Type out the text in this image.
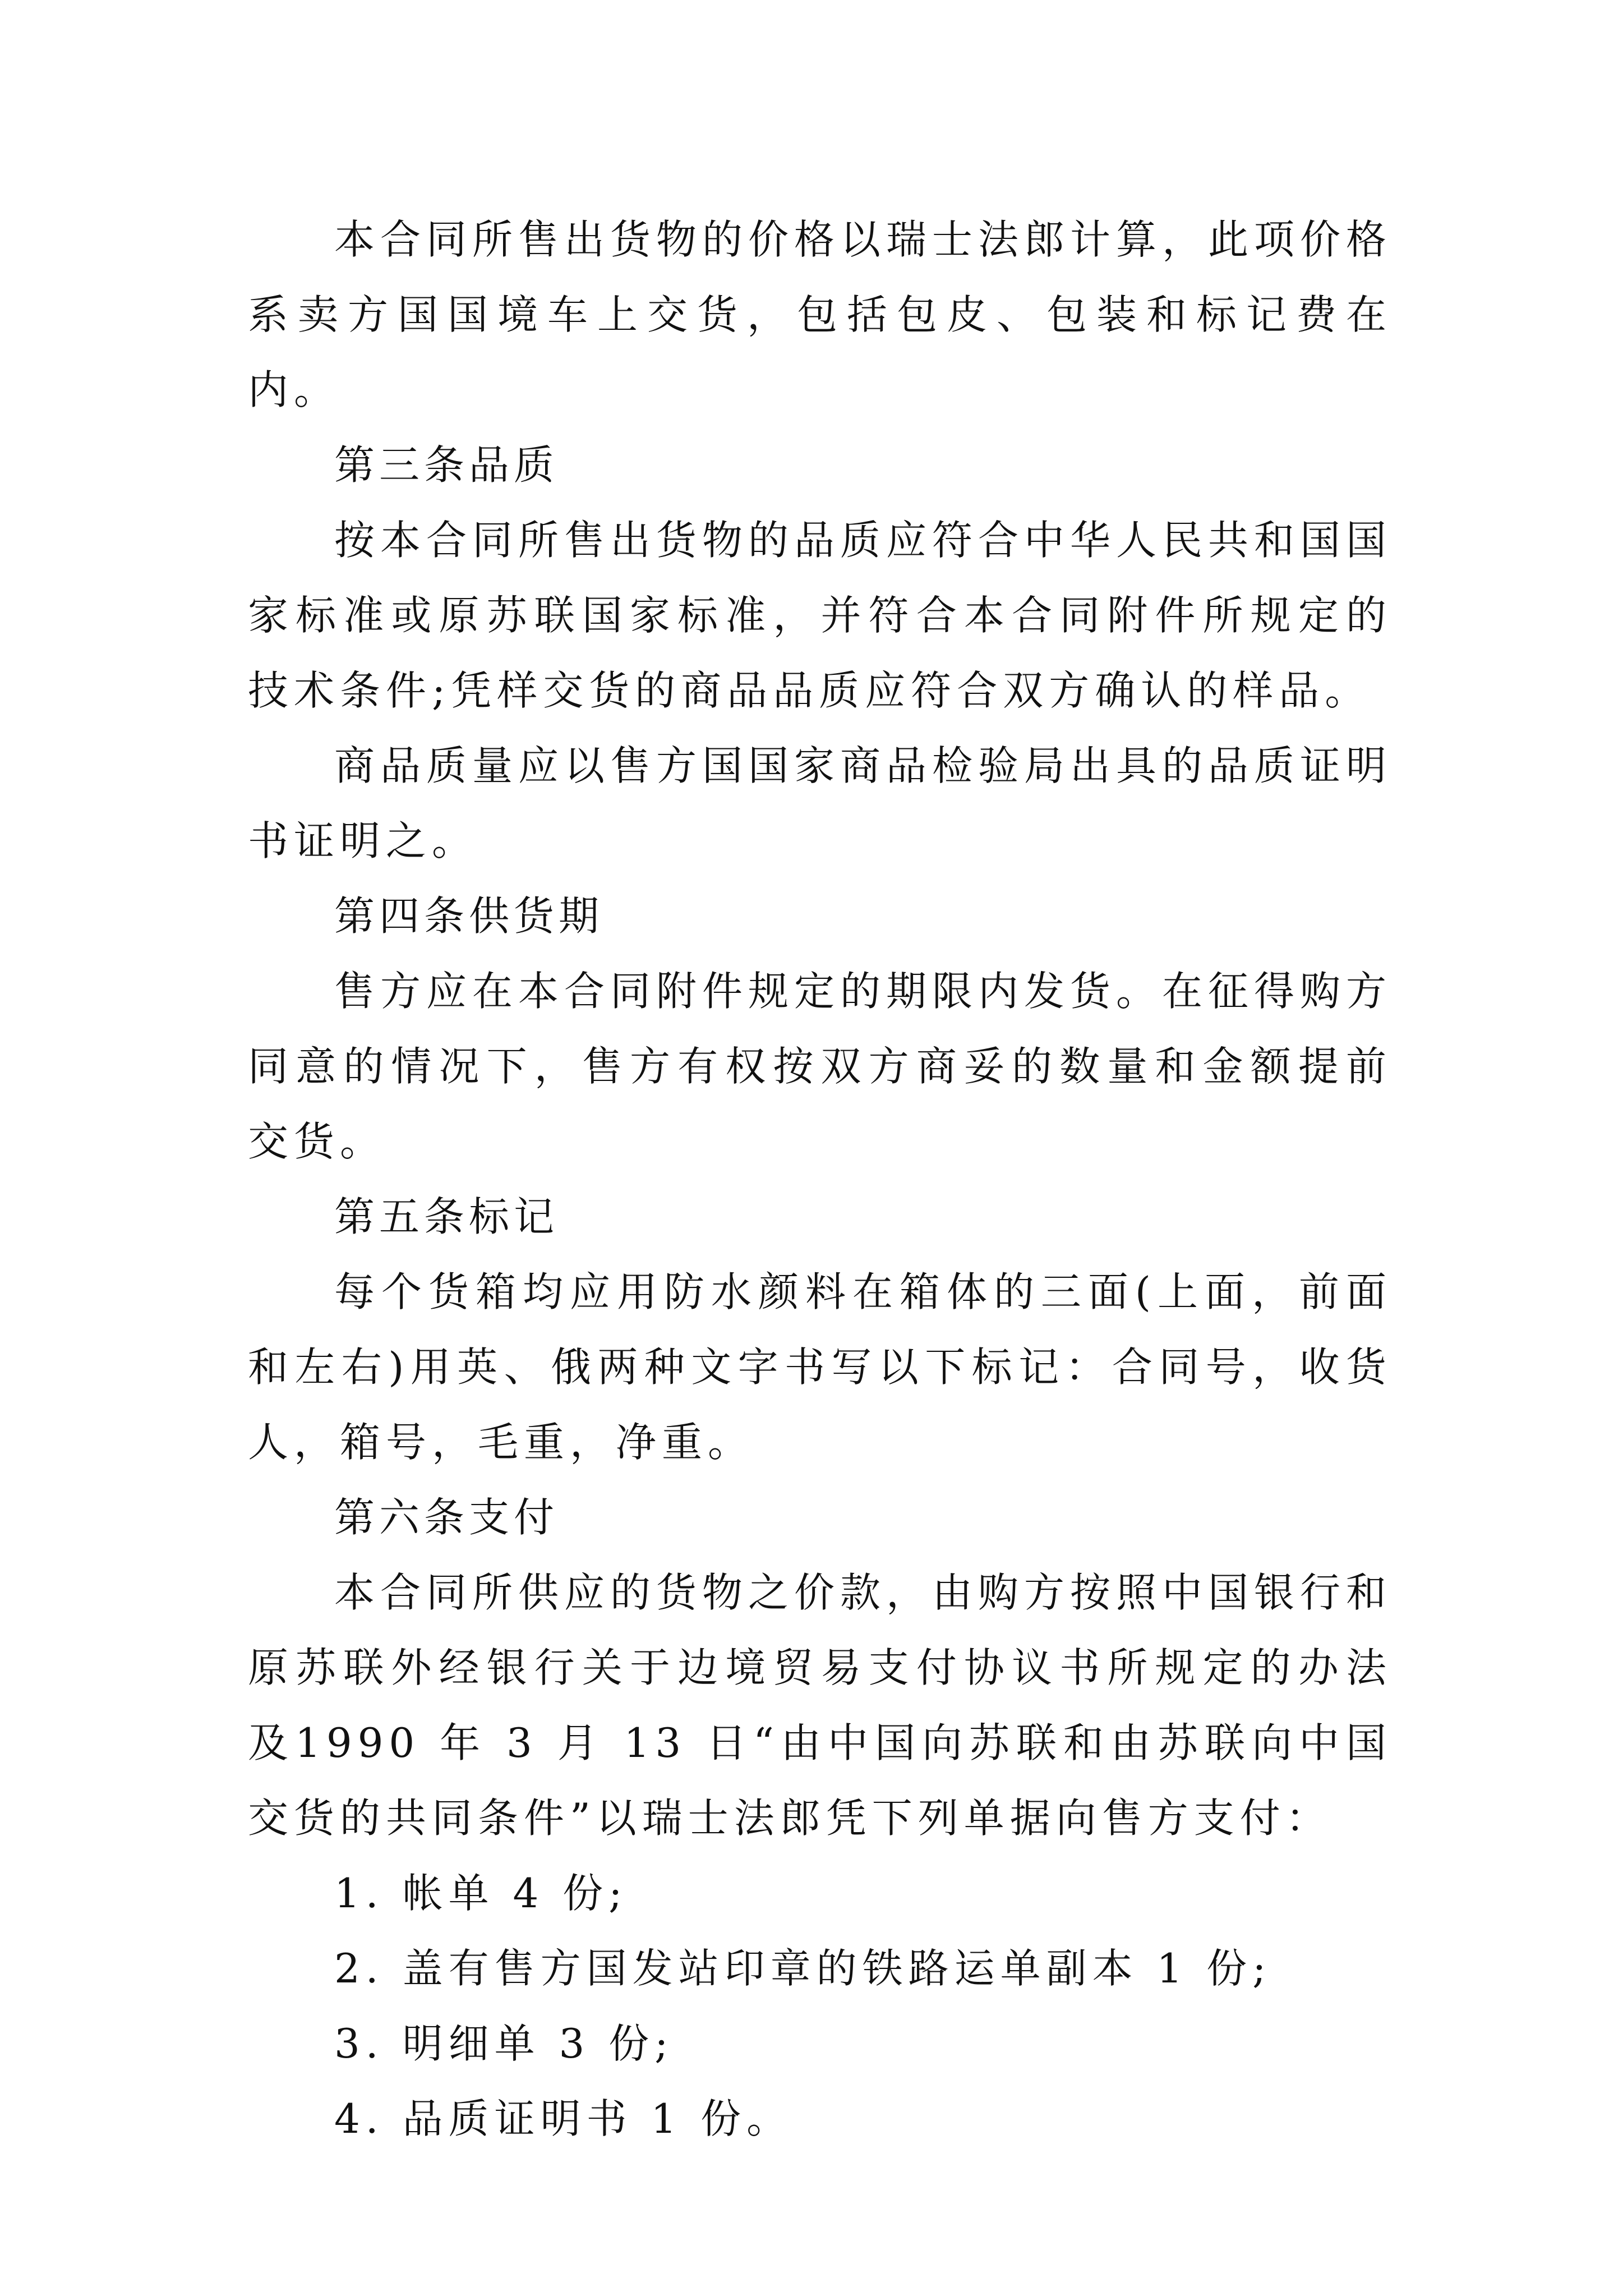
本合同所售出货物的价格以瑞士法郎计算，此项价格系卖方国国境车上交货，包括包皮、包装和标记费在内。

第三条品质

按本合同所售出货物的品质应符合中华人民共和国国家标准或原苏联国家标准，并符合本合同附件所规定的技术条件;凭样交货的商品品质应符合双方确认的样品。

商品质量应以售方国国家商品检验局出具的品质证明书证明之。

第四条供货期

售方应在本合同附件规定的期限内发货。在征得购方同意的情况下，售方有权按双方商妥的数量和金额提前交货。

第五条标记

每个货箱均应用防水颜料在箱体的三面(上面，前面和左右)用英、俄两种文字书写以下标记：合同号，收货人，箱号，毛重，净重。

第六条支付

本合同所供应的货物之价款，由购方按照中国银行和原苏联外经银行关于边境贸易支付协议书所规定的办法及1990 年 3 月 13 日“由中国向苏联和由苏联向中国交货的共同条件”以瑞士法郎凭下列单据向售方支付：

1. 帐单 4 份;

2. 盖有售方国发站印章的铁路运单副本 1 份;

3. 明细单 3 份;

4. 品质证明书 1 份。
